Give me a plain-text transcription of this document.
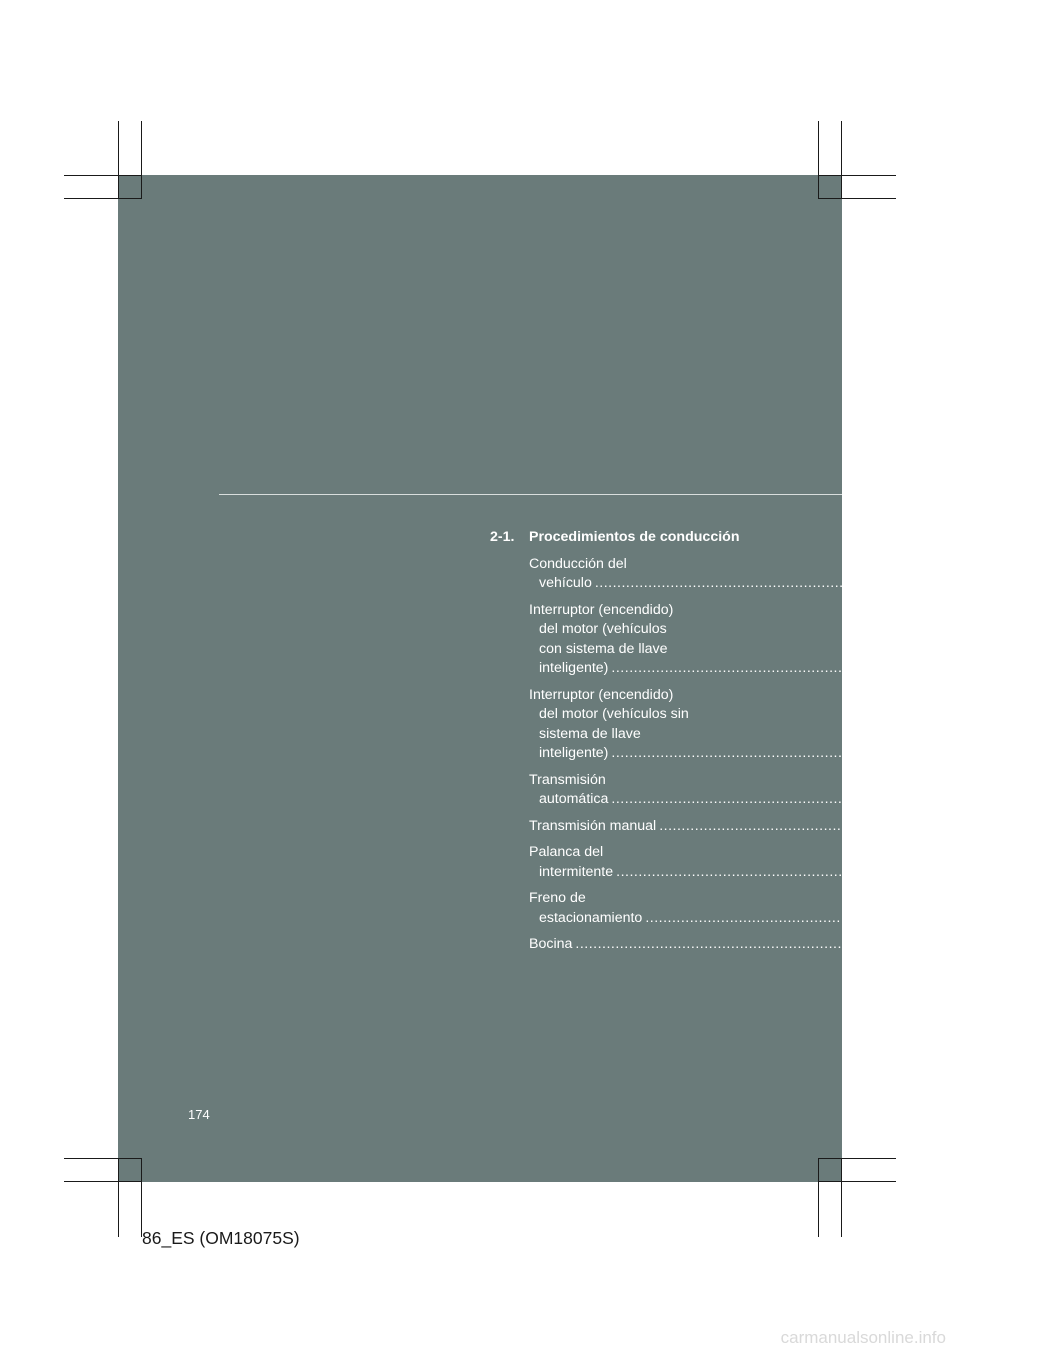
2-1.	Procedimientos de conducción
Conducción del
vehículo ................................................................................ 176
Interruptor (encendido)
del motor (vehículos
con sistema de llave
inteligente) ................................................................................ 193
Interruptor (encendido)
del motor (vehículos sin
sistema de llave
inteligente) ................................................................................ 202
Transmisión
automática ................................................................................ 207
Transmisión manual ................................................................................ 216
Palanca del
intermitente ................................................................................ 221
Freno de
estacionamiento ................................................................................ 222
Bocina ................................................................................ 223
174
86_ES (OM18075S)
carmanualsonline.info
